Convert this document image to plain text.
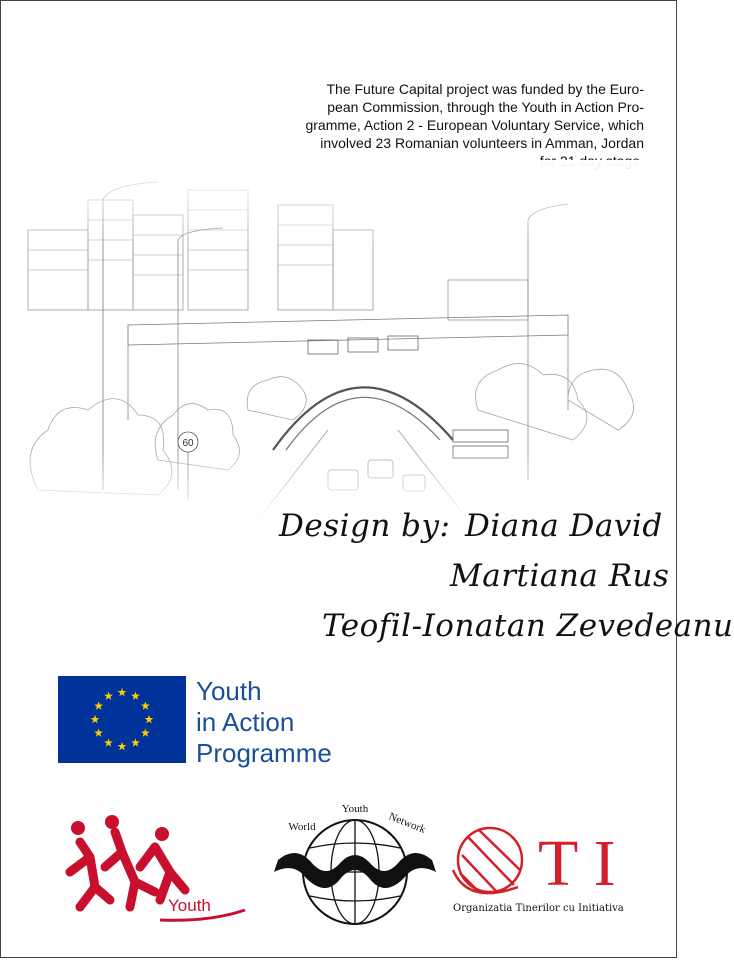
The Future Capital project was funded by the Euro-
pean Commission, through the Youth in Action Pro-
gramme, Action 2 - European Voluntary Service, which
involved 23 Romanian volunteers in Amman, Jordan
Design by: Diana David
Martiana Rus
Teofil-Ionatan Zevedeanu
Youth
in Action
Programme
Youth
World
Youth
Network
T I
Organizatia Tinerilor cu Initiativa
